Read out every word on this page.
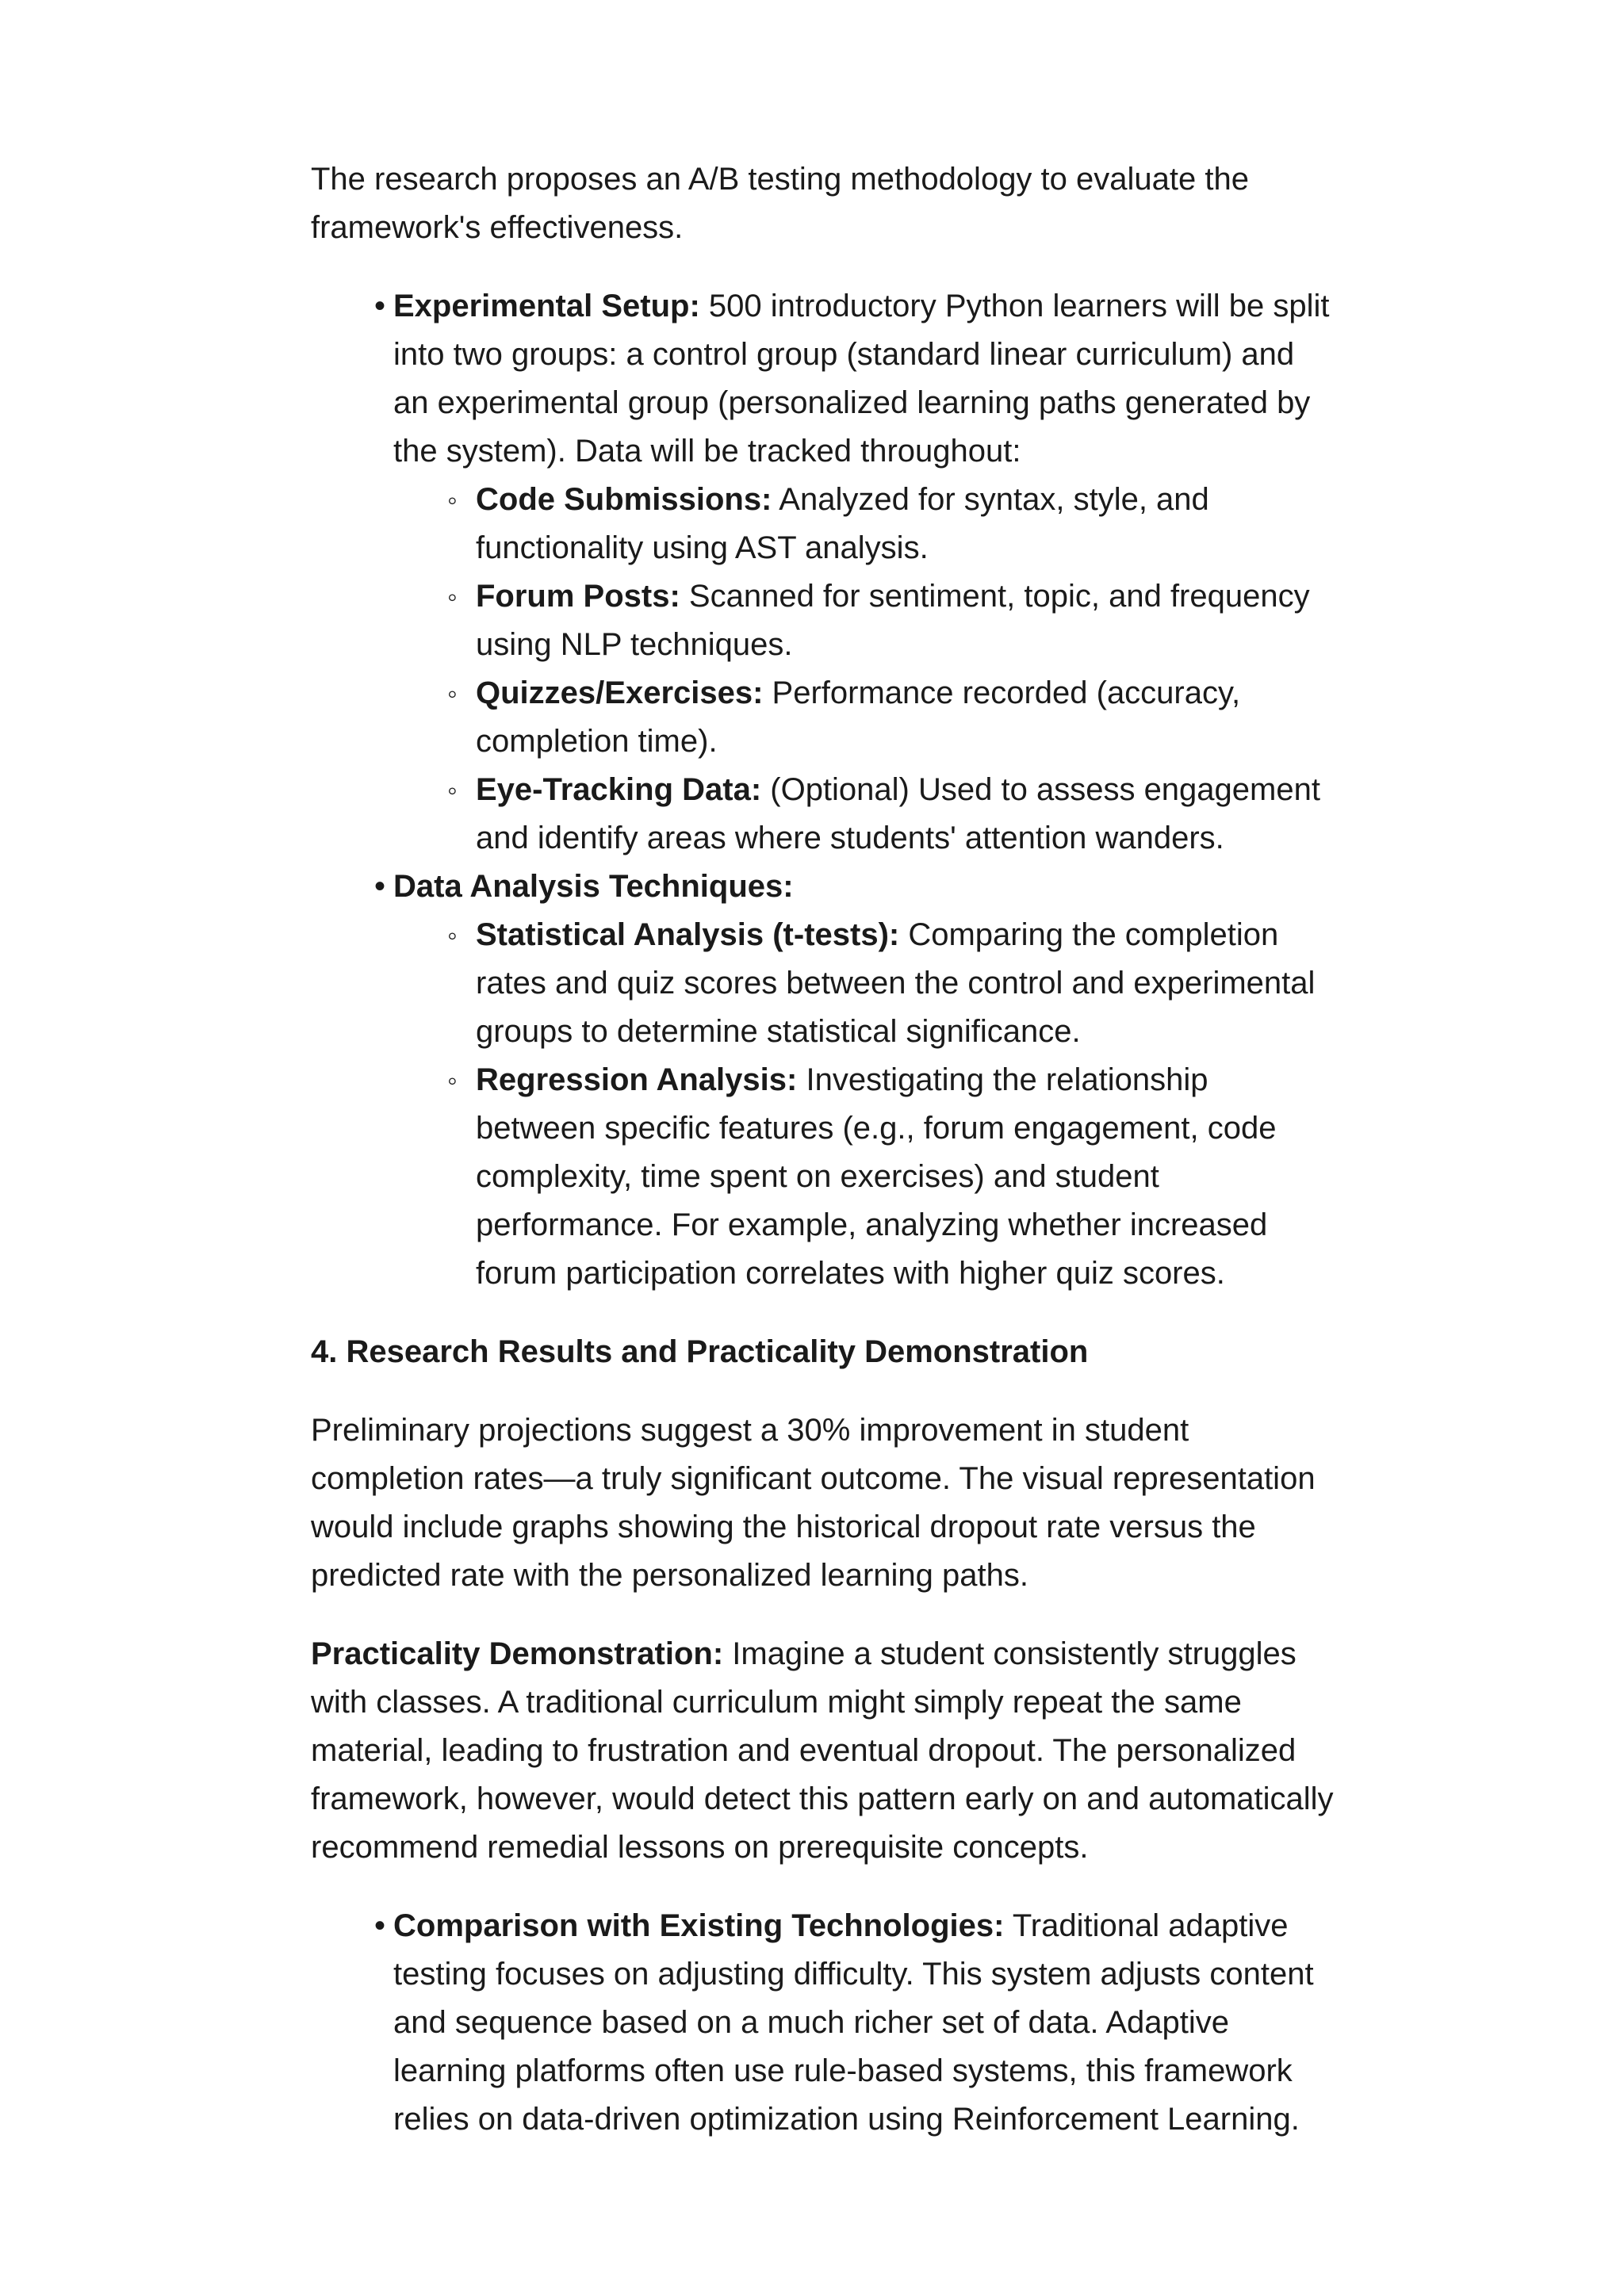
The research proposes an A/B testing methodology to evaluate the framework's effectiveness.

• Experimental Setup: 500 introductory Python learners will be split into two groups: a control group (standard linear curriculum) and an experimental group (personalized learning paths generated by the system). Data will be tracked throughout:
◦ Code Submissions: Analyzed for syntax, style, and functionality using AST analysis.
◦ Forum Posts: Scanned for sentiment, topic, and frequency using NLP techniques.
◦ Quizzes/Exercises: Performance recorded (accuracy, completion time).
◦ Eye-Tracking Data: (Optional) Used to assess engagement and identify areas where students' attention wanders.
• Data Analysis Techniques:
◦ Statistical Analysis (t-tests): Comparing the completion rates and quiz scores between the control and experimental groups to determine statistical significance.
◦ Regression Analysis: Investigating the relationship between specific features (e.g., forum engagement, code complexity, time spent on exercises) and student performance. For example, analyzing whether increased forum participation correlates with higher quiz scores.
4. Research Results and Practicality Demonstration

Preliminary projections suggest a 30% improvement in student completion rates—a truly significant outcome. The visual representation would include graphs showing the historical dropout rate versus the predicted rate with the personalized learning paths.

Practicality Demonstration: Imagine a student consistently struggles with classes. A traditional curriculum might simply repeat the same material, leading to frustration and eventual dropout. The personalized framework, however, would detect this pattern early on and automatically recommend remedial lessons on prerequisite concepts.

• Comparison with Existing Technologies: Traditional adaptive testing focuses on adjusting difficulty. This system adjusts content and sequence based on a much richer set of data. Adaptive learning platforms often use rule-based systems, this framework relies on data-driven optimization using Reinforcement Learning.
